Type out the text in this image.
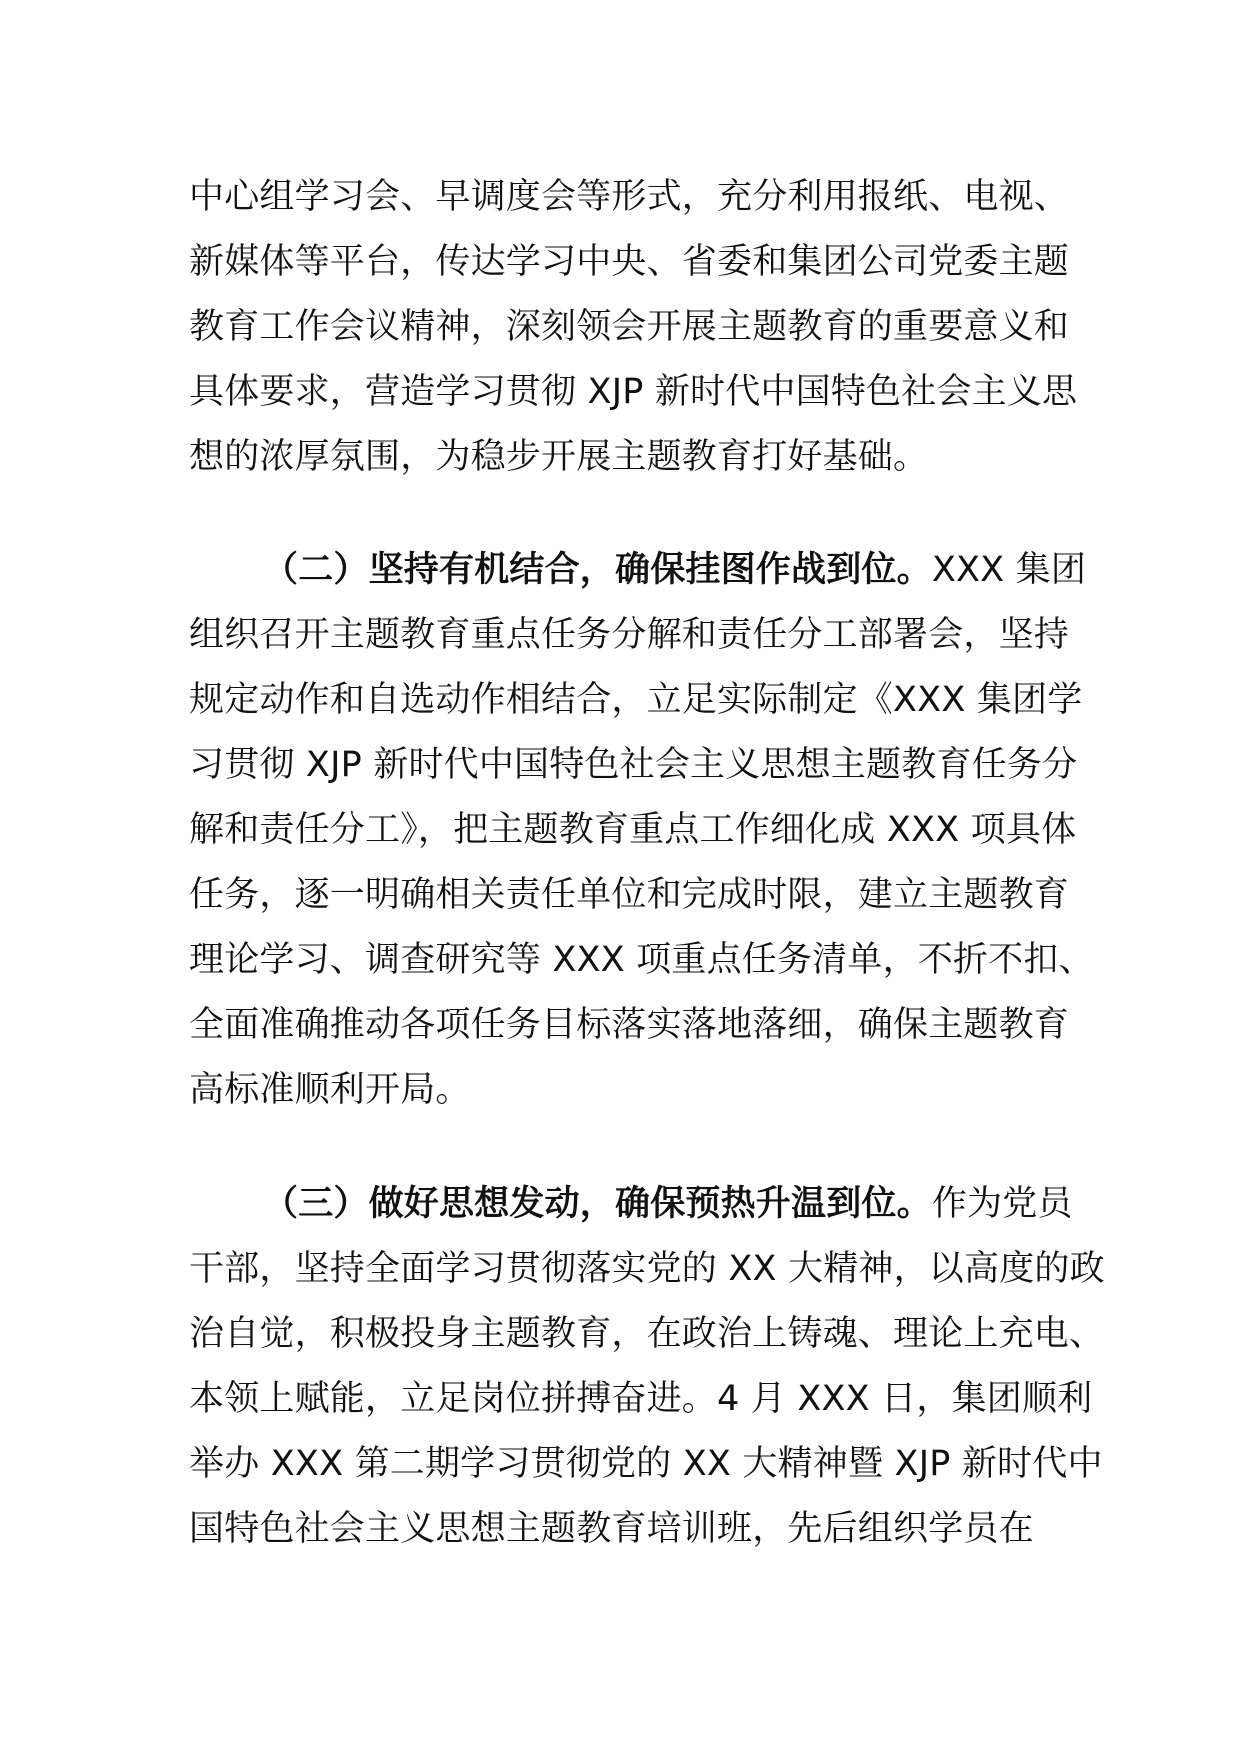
中心组学习会、早调度会等形式，充分利用报纸、电视、
新媒体等平台，传达学习中央、省委和集团公司党委主题
教育工作会议精神，深刻领会开展主题教育的重要意义和
具体要求，营造学习贯彻 XJP 新时代中国特色社会主义思
想的浓厚氛围，为稳步开展主题教育打好基础。
（二）坚持有机结合，确保挂图作战到位。XXX 集团
组织召开主题教育重点任务分解和责任分工部署会，坚持
规定动作和自选动作相结合，立足实际制定《XXX 集团学
习贯彻 XJP 新时代中国特色社会主义思想主题教育任务分
解和责任分工》，把主题教育重点工作细化成 XXX 项具体
任务，逐一明确相关责任单位和完成时限，建立主题教育
理论学习、调查研究等 XXX 项重点任务清单，不折不扣、
全面准确推动各项任务目标落实落地落细，确保主题教育
高标准顺利开局。
（三）做好思想发动，确保预热升温到位。作为党员
干部，坚持全面学习贯彻落实党的 XX 大精神，以高度的政
治自觉，积极投身主题教育，在政治上铸魂、理论上充电、
本领上赋能，立足岗位拼搏奋进。4 月 XXX 日，集团顺利
举办 XXX 第二期学习贯彻党的 XX 大精神暨 XJP 新时代中
国特色社会主义思想主题教育培训班，先后组织学员在
